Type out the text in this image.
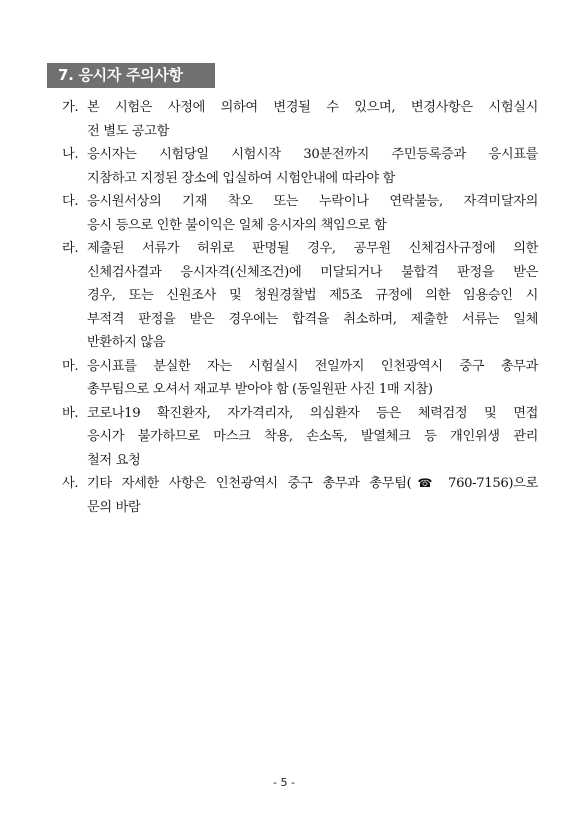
7. 응시자 주의사항
가. 본 시험은 사정에 의하여 변경될 수 있으며, 변경사항은 시험실시
전 별도 공고함
나. 응시자는 시험당일 시험시작 30분전까지 주민등록증과 응시표를
지참하고 지정된 장소에 입실하여 시험안내에 따라야 함
다. 응시원서상의 기재 착오 또는 누락이나 연락불능, 자격미달자의
응시 등으로 인한 불이익은 일체 응시자의 책임으로 함
라. 제출된 서류가 허위로 판명될 경우, 공무원 신체검사규정에 의한
신체검사결과 응시자격(신체조건)에 미달되거나 불합격 판정을 받은
경우, 또는 신원조사 및 청원경찰법 제5조 규정에 의한 임용승인 시
부적격 판정을 받은 경우에는 합격을 취소하며, 제출한 서류는 일체
반환하지 않음
마. 응시표를 분실한 자는 시험실시 전일까지 인천광역시 중구 총무과
총무팀으로 오셔서 재교부 받아야 함 (동일원판 사진 1매 지참)
바. 코로나19 확진환자, 자가격리자, 의심환자 등은 체력검정 및 면접
응시가 불가하므로 마스크 착용, 손소독, 발열체크 등 개인위생 관리
철저 요청
사. 기타 자세한 사항은 인천광역시 중구 총무과 총무팀(☎ 760-7156)으로
문의 바람
- 5 -
